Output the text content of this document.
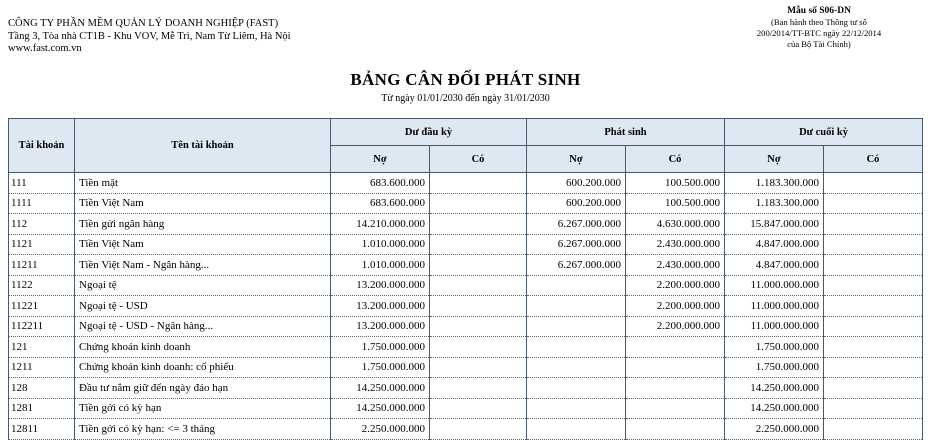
CÔNG TY PHẦN MỀM QUẢN LÝ DOANH NGHIỆP (FAST)
Tầng 3, Tòa nhà CT1B - Khu VOV, Mễ Trì, Nam Từ Liêm, Hà Nội
www.fast.com.vn
Mẫu số S06-DN
(Ban hành theo Thông tư số
200/2014/TT-BTC ngày 22/12/2014
của Bộ Tài Chính)
BẢNG CÂN ĐỐI PHÁT SINH
Từ ngày 01/01/2030 đến ngày 31/01/2030
Tài khoản	Tên tài khoản	Dư đầu kỳ		Phát sinh		Dư cuối kỳ	
		Nợ	Có	Nợ	Có	Nợ	Có
111	Tiền mặt	683.600.000		600.200.000	100.500.000	1.183.300.000	
1111	Tiền Việt Nam	683.600.000		600.200.000	100.500.000	1.183.300.000	
112	Tiền gửi ngân hàng	14.210.000.000		6.267.000.000	4.630.000.000	15.847.000.000	
1121	Tiền Việt Nam	1.010.000.000		6.267.000.000	2.430.000.000	4.847.000.000	
11211	Tiền Việt Nam - Ngân hàng...	1.010.000.000		6.267.000.000	2.430.000.000	4.847.000.000	
1122	Ngoại tệ	13.200.000.000			2.200.000.000	11.000.000.000	
11221	Ngoại tệ - USD	13.200.000.000			2.200.000.000	11.000.000.000	
112211	Ngoại tệ - USD - Ngân hàng...	13.200.000.000			2.200.000.000	11.000.000.000	
121	Chứng khoán kinh doanh	1.750.000.000				1.750.000.000	
1211	Chứng khoán kinh doanh: cổ phiếu	1.750.000.000				1.750.000.000	
128	Đầu tư nắm giữ đến ngày đáo hạn	14.250.000.000				14.250.000.000	
1281	Tiền gởi có kỳ hạn	14.250.000.000				14.250.000.000	
12811	Tiền gởi có kỳ hạn: <= 3 tháng	2.250.000.000				2.250.000.000	
